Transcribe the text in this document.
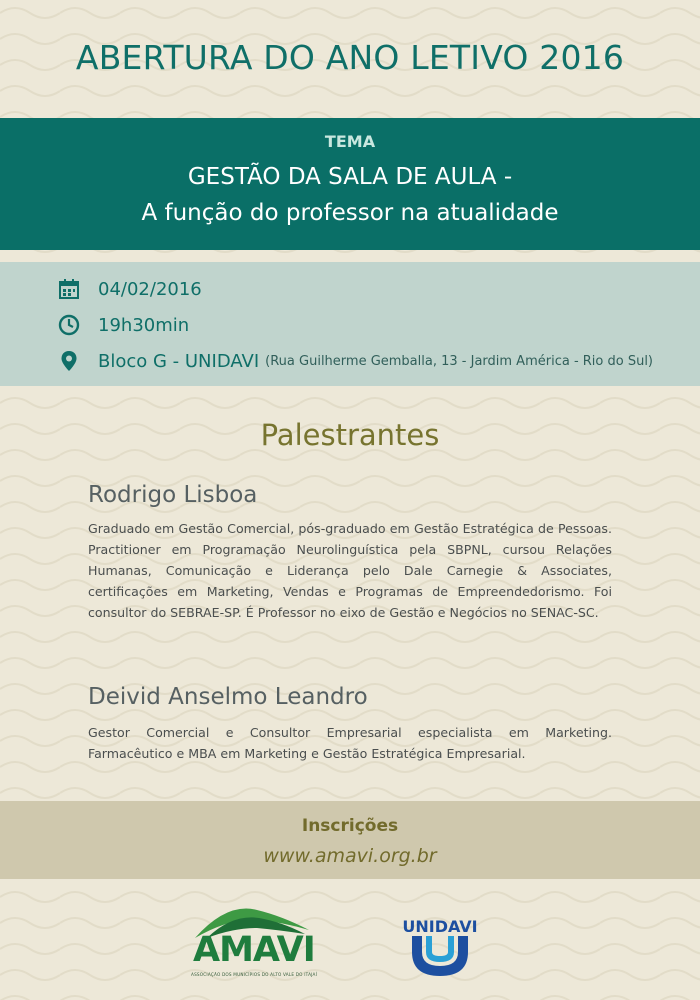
ABERTURA DO ANO LETIVO 2016
TEMA
GESTÃO DA SALA DE AULA -
A função do professor na atualidade
04/02/2016
19h30min
Bloco G - UNIDAVI (Rua Guilherme Gemballa, 13 - Jardim América - Rio do Sul)
Palestrantes
Rodrigo Lisboa

Graduado em Gestão Comercial, pós-graduado em Gestão Estratégica de Pessoas. Practitioner em Programação Neurolinguística pela SBPNL, cursou Relações Humanas, Comunicação e Liderança pelo Dale Carnegie & Associates, certificações em Marketing, Vendas e Programas de Empreendedorismo. Foi consultor do SEBRAE-SP. É Professor no eixo de Gestão e Negócios no SENAC-SC.

Deivid Anselmo Leandro

Gestor Comercial e Consultor Empresarial especialista em Marketing. Farmacêutico e MBA em Marketing e Gestão Estratégica Empresarial.

Inscrições
www.amavi.org.br
AMAVI
ASSOCIAÇÃO DOS MUNICÍPIOS DO ALTO VALE DO ITAJAÍ
UNIDAVI
